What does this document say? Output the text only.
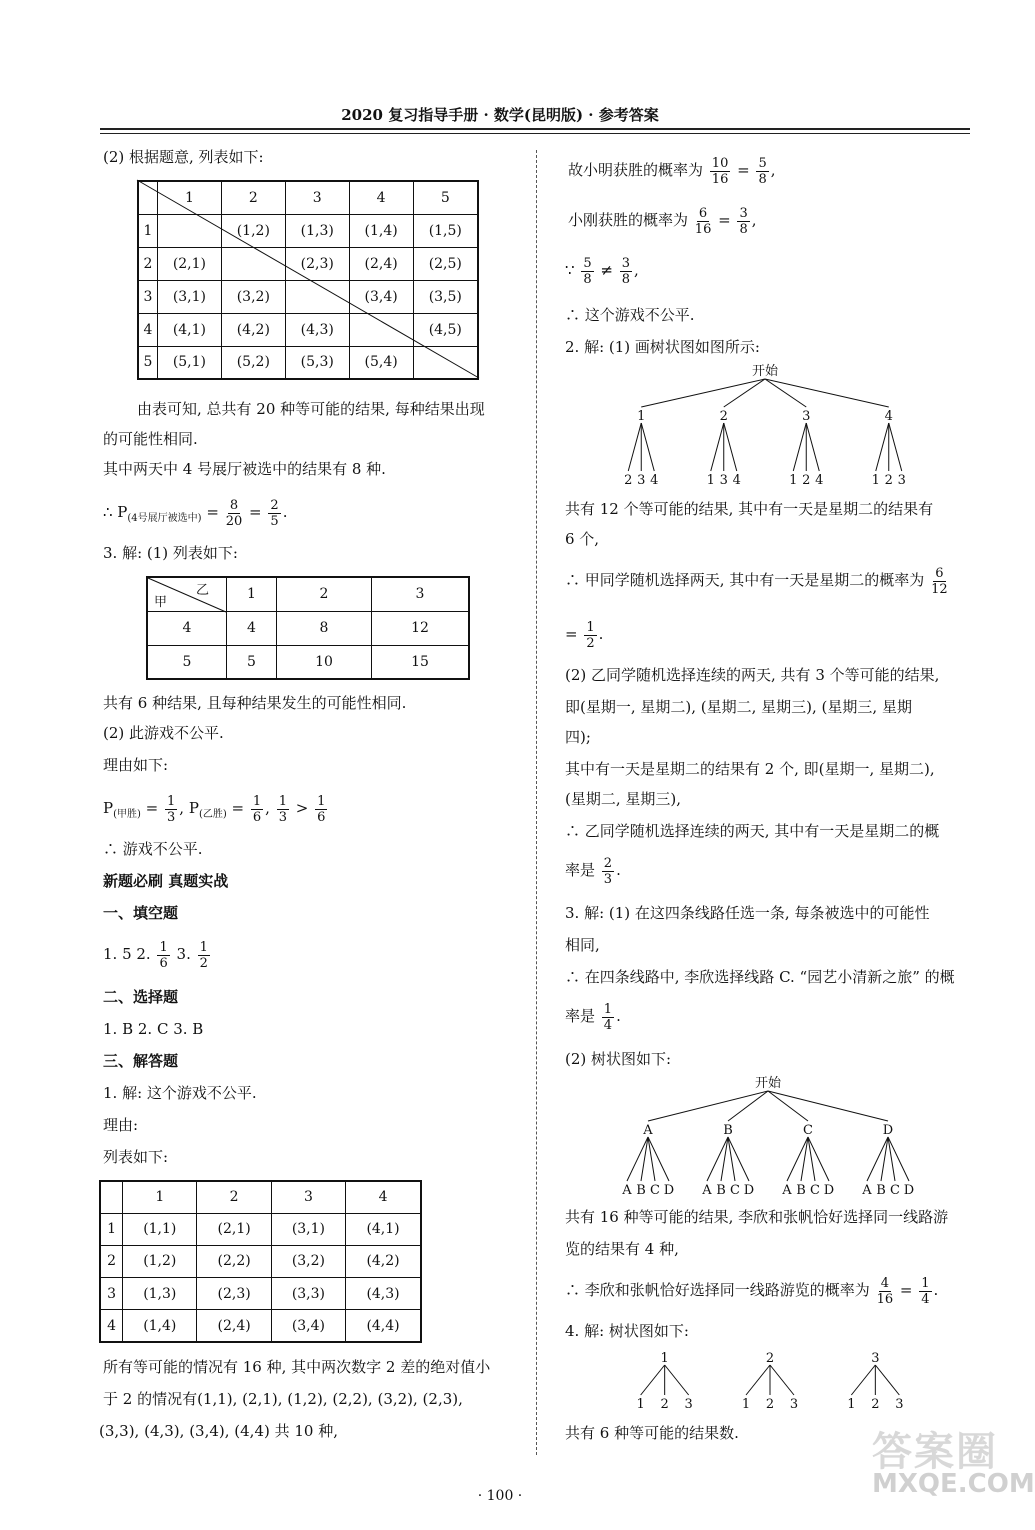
2020 复习指导手册 · 数学(昆明版) · 参考答案
(2) 根据题意, 列表如下:
	1	2	3	4	5
1		(1,2)	(1,3)	(1,4)	(1,5)
2	(2,1)		(2,3)	(2,4)	(2,5)
3	(3,1)	(3,2)		(3,4)	(3,5)
4	(4,1)	(4,2)	(4,3)		(4,5)
5	(5,1)	(5,2)	(5,3)	(5,4)	
由表可知, 总共有 20 种等可能的结果, 每种结果出现
的可能性相同.
其中两天中 4 号展厅被选中的结果有 8 种.
∴ $P_{(4号展厅被选中)} = \frac{8}{20} = \frac{2}{5}$ .
3. 解: (1) 列表如下:
甲
乙	1	2	3
4	4	8	12
5	5	10	15
共有 6 种结果, 且每种结果发生的可能性相同.
(2) 此游戏不公平.
理由如下:
$P_{(甲胜)} = \frac{1}{3}$ , $P_{(乙胜)} = \frac{1}{6}$ , $\frac{1}{3} > \frac{1}{6}$
∴ 游戏不公平.
新题必刷 真题实战
一、填空题
1. 5 2. $\frac{1}{6} 3$. $\frac{1}{2}$
二、选择题
1. B 2. C 3. B
三、解答题
1. 解: 这个游戏不公平.
理由:
列表如下:
	1	2	3	4
1	(1,1)	(2,1)	(3,1)	(4,1)
2	(1,2)	(2,2)	(3,2)	(4,2)
3	(1,3)	(2,3)	(3,3)	(4,3)
4	(1,4)	(2,4)	(3,4)	(4,4)
所有等可能的情况有 16 种, 其中两次数字 2 差的绝对值小
于 2 的情况有(1,1), (2,1), (1,2), (2,2), (3,2), (2,3),
(3,3), (4,3), (3,4), (4,4) 共 10 种,
故小明获胜的概率为 $\frac{10}{16} = \frac{5}{8}$ ,
小刚获胜的概率为 $\frac{6}{16} = \frac{3}{8}$ ,
∵ $\frac{5}{8} \ne \frac{3}{8}$ ,
∴ 这个游戏不公平.
2. 解: (1) 画树状图如图所示:
开始
1
2 3 4
2
1 3 4
3
1 2 4
4
1 2 3
共有 12 个等可能的结果, 其中有一天是星期二的结果有
6 个,
∴ 甲同学随机选择两天, 其中有一天是星期二的概率为 $\frac{6}{12}$
= $\frac{1}{2}$ .
(2) 乙同学随机选择连续的两天, 共有 3 个等可能的结果,
即(星期一, 星期二), (星期二, 星期三), (星期三, 星期
四);
其中有一天是星期二的结果有 2 个, 即(星期一, 星期二),
(星期二, 星期三),
∴ 乙同学随机选择连续的两天, 其中有一天是星期二的概
率是 $\frac{2}{3}$ .
3. 解: (1) 在这四条线路任选一条, 每条被选中的可能性
相同,
∴ 在四条线路中, 李欣选择线路 C. “园艺小清新之旅” 的概
率是 $\frac{1}{4}$ .
(2) 树状图如下:
开始
A
A B C D
B
A B C D
C
A B C D
D
A B C D
共有 16 种等可能的结果, 李欣和张帆恰好选择同一线路游
览的结果有 4 种,
∴ 李欣和张帆恰好选择同一线路游览的概率为 $\frac{4}{16} = \frac{1}{4}$ .
4. 解: 树状图如下:
1
1 2 3
2
1 2 3
3
1 2 3
共有 6 种等可能的结果数.
· 100 ·
答案圈
MXQE.COM
